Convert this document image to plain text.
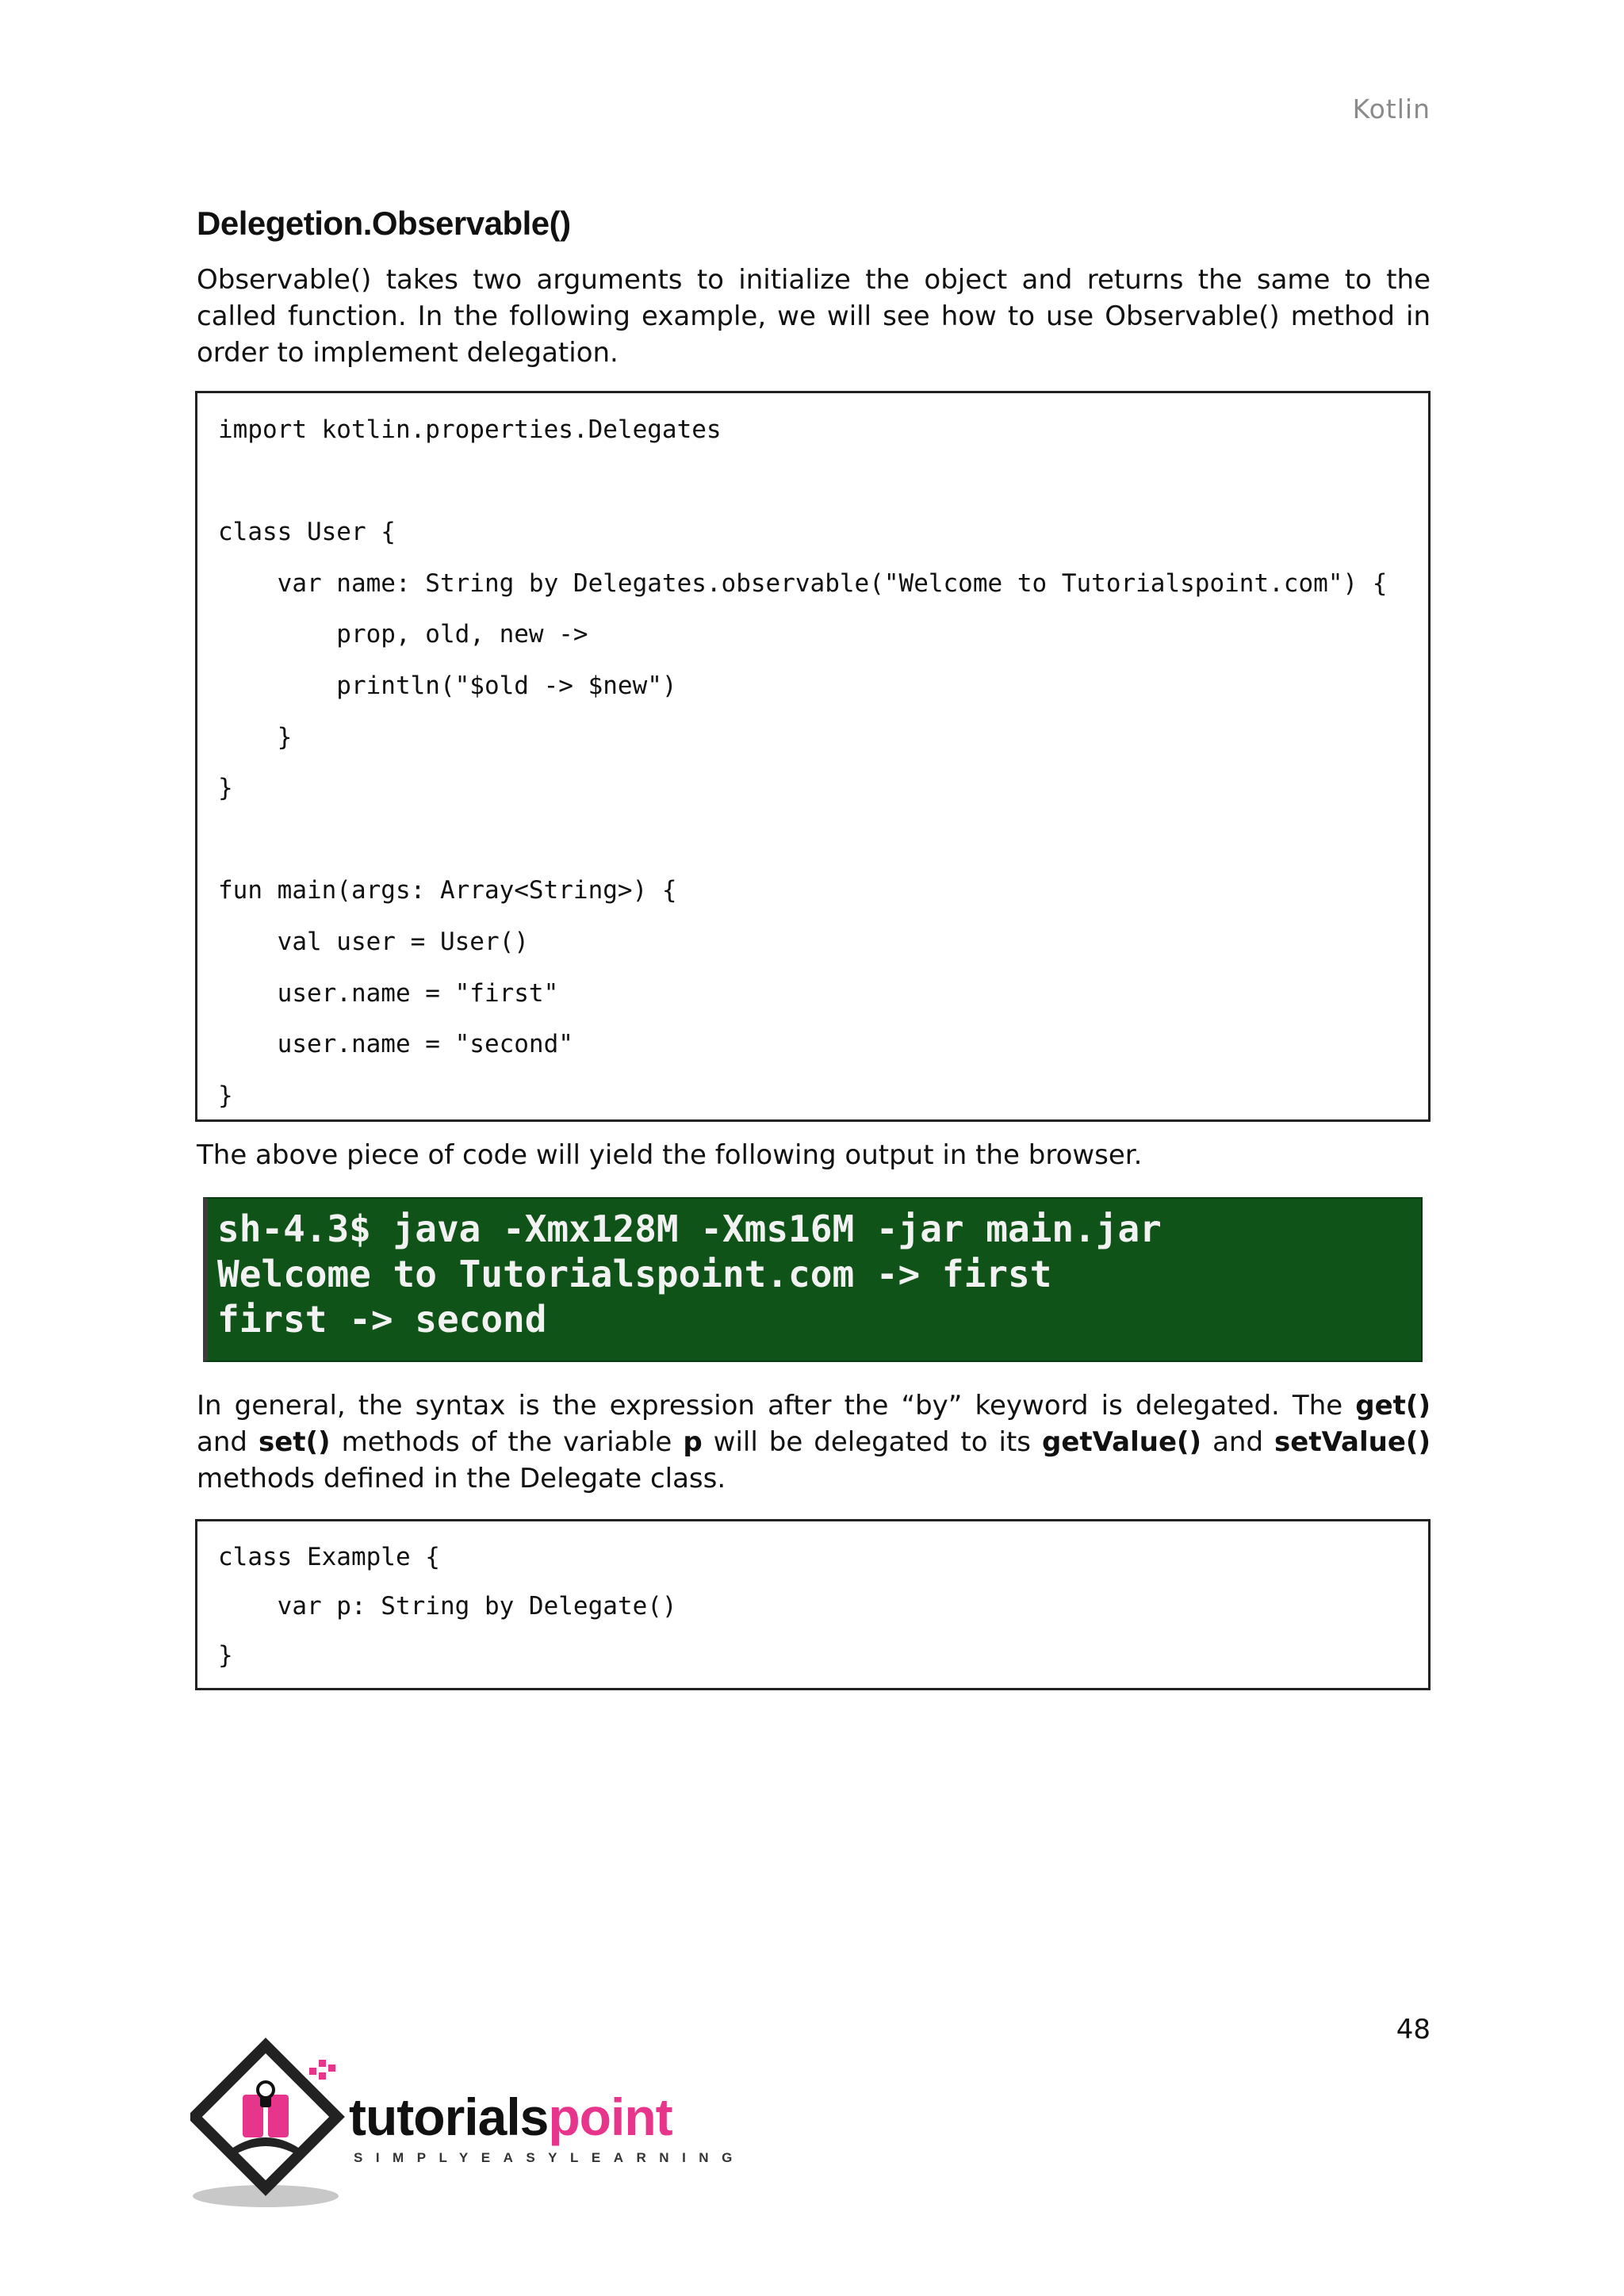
Kotlin
Delegetion.Observable()

Observable() takes two arguments to initialize the object and returns the same to the called function. In the following example, we will see how to use Observable() method in order to implement delegation.

import kotlin.properties.Delegates
class User {
var name: String by Delegates.observable("Welcome to Tutorialspoint.com") {
prop, old, new ->
println("$old -> $new")
}
}
fun main(args: Array<String>) {
val user = User()
user.name = "first"
user.name = "second"
}

The above piece of code will yield the following output in the browser.

sh-4.3$ java -Xmx128M -Xms16M -jar main.jar
Welcome to Tutorialspoint.com -> first
first -> second

In general, the syntax is the expression after the “by” keyword is delegated. The get() and set() methods of the variable p will be delegated to its getValue() and setValue() methods defined in the Delegate class.

class Example {
var p: String by Delegate()
}
48
tutorialspoint
SIMPLYEASYLEARNING
